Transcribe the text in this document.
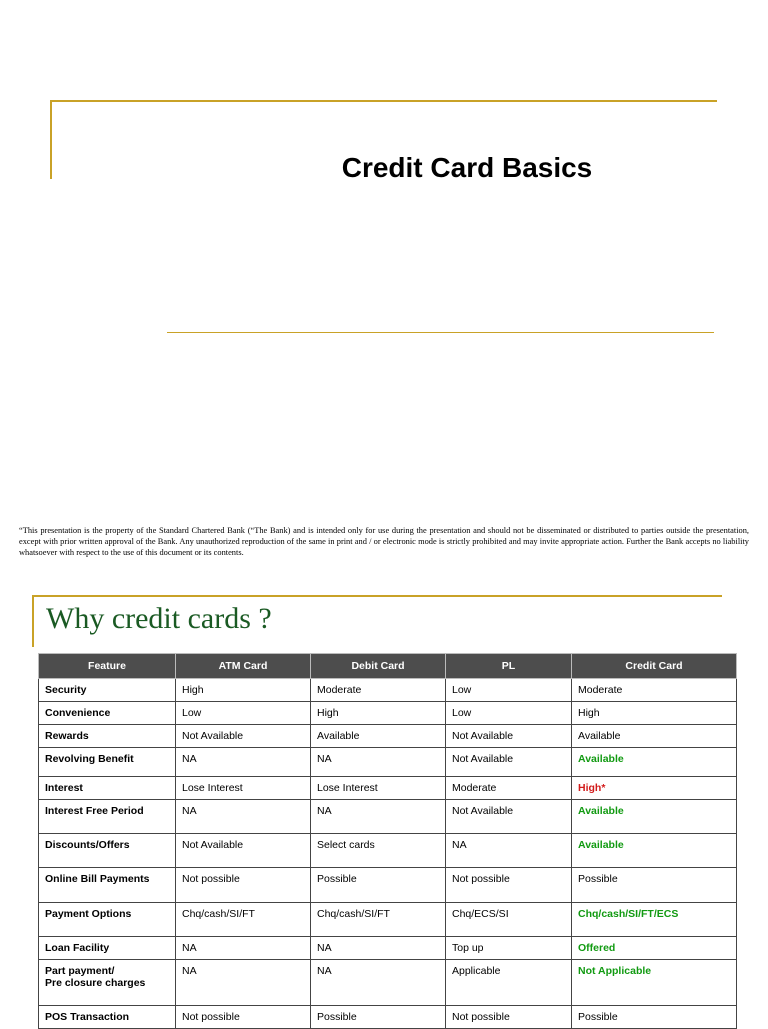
Credit Card Basics
“This presentation is the property of the Standard Chartered Bank (“The Bank) and is intended only for use during the presentation and should not be disseminated or distributed to parties outside the presentation, except with prior written approval of the Bank. Any unauthorized reproduction of the same in print and / or electronic mode is strictly prohibited and may invite appropriate action. Further the Bank accepts no liability whatsoever with respect to the use of this document or its contents.
Why credit cards ?
Feature	ATM Card	Debit Card	PL	Credit Card
Security	High	Moderate	Low	Moderate
Convenience	Low	High	Low	High
Rewards	Not Available	Available	Not Available	Available
Revolving Benefit	NA	NA	Not Available	Available
Interest	Lose Interest	Lose Interest	Moderate	High*
Interest Free Period	NA	NA	Not Available	Available
Discounts/Offers	Not Available	Select cards	NA	Available
Online Bill Payments	Not possible	Possible	Not possible	Possible
Payment Options	Chq/cash/SI/FT	Chq/cash/SI/FT	Chq/ECS/SI	Chq/cash/SI/FT/ECS
Loan Facility	NA	NA	Top up	Offered
Part payment/
Pre closure charges	NA	NA	Applicable	Not Applicable
POS Transaction	Not possible	Possible	Not possible	Possible
